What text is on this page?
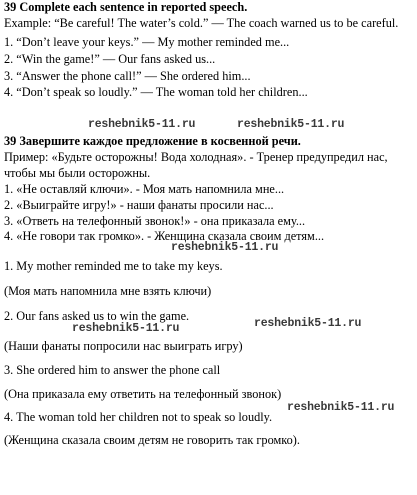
39 Complete each sentence in reported speech.
Example: “Be careful! The water’s cold.” — The coach warned us to be careful.
1. “Don’t leave your keys.” — My mother reminded me...
2. “Win the game!” — Our fans asked us...
3. “Answer the phone call!” — She ordered him...
4. “Don’t speak so loudly.” — The woman told her children...
reshebnik5-11.ru	reshebnik5-11.ru
39 Завершите каждое предложение в косвенной речи.
Пример: «Будьте осторожны! Вода холодная». - Тренер предупредил нас,
чтобы мы были осторожны.
1. «Не оставляй ключи». - Моя мать напомнила мне...
2. «Выиграйте игру!» - наши фанаты просили нас...
3. «Ответь на телефонный звонок!» - она приказала ему...
4. «Не говори так громко». - Женщина сказала своим детям...
reshebnik5-11.ru
1. My mother reminded me to take my keys.
(Моя мать напомнила мне взять ключи)
2. Our fans asked us to win the game.
reshebnik5-11.ru	reshebnik5-11.ru
(Наши фанаты попросили нас выиграть игру)
3. She ordered him to answer the phone call
(Она приказала ему ответить на телефонный звонок)
reshebnik5-11.ru
4. The woman told her children not to speak so loudly.
(Женщина сказала своим детям не говорить так громко).
